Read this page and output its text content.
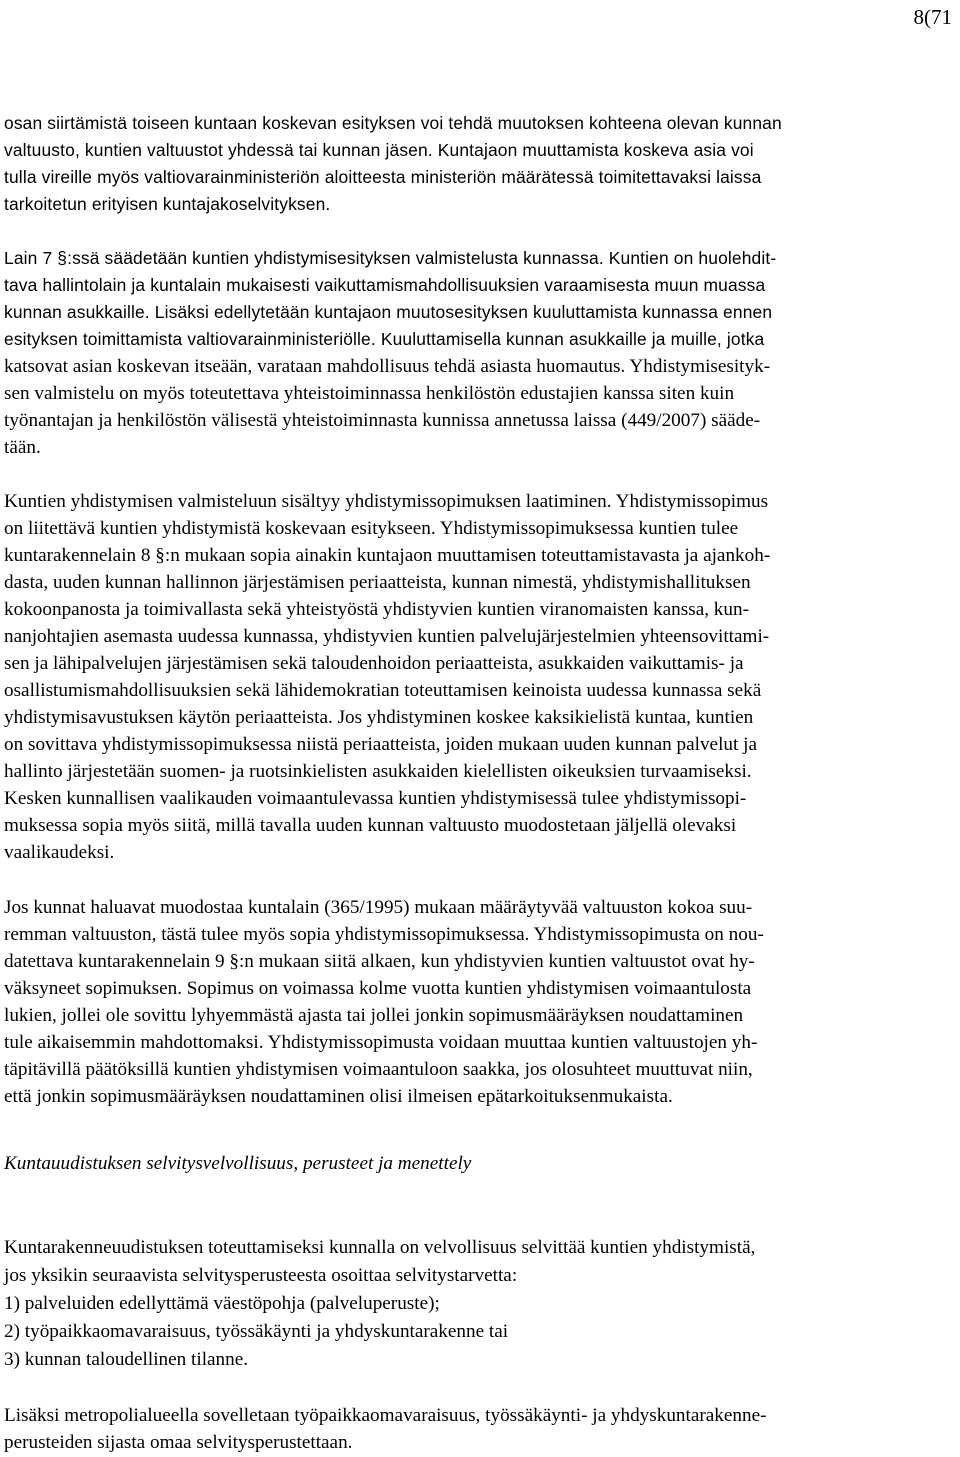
8(71
osan siirtämistä toiseen kuntaan koskevan esityksen voi tehdä muutoksen kohteena olevan kunnan
valtuusto, kuntien valtuustot yhdessä tai kunnan jäsen. Kuntajaon muuttamista koskeva asia voi
tulla vireille myös valtiovarainministeriön aloitteesta ministeriön määrätessä toimitettavaksi laissa
tarkoitetun erityisen kuntajakoselvityksen.
Lain 7 §:ssä säädetään kuntien yhdistymisesityksen valmistelusta kunnassa. Kuntien on huolehdit-
tava hallintolain ja kuntalain mukaisesti vaikuttamismahdollisuuksien varaamisesta muun muassa
kunnan asukkaille. Lisäksi edellytetään kuntajaon muutosesityksen kuuluttamista kunnassa ennen
esityksen toimittamista valtiovarainministeriölle. Kuuluttamisella kunnan asukkaille ja muille, jotka
katsovat asian koskevan itseään, varataan mahdollisuus tehdä asiasta huomautus. Yhdistymisesityk-
sen valmistelu on myös toteutettava yhteistoiminnassa henkilöstön edustajien kanssa siten kuin
työnantajan ja henkilöstön välisestä yhteistoiminnasta kunnissa annetussa laissa (449/2007) sääde-
tään.
Kuntien yhdistymisen valmisteluun sisältyy yhdistymissopimuksen laatiminen. Yhdistymissopimus
on liitettävä kuntien yhdistymistä koskevaan esitykseen. Yhdistymissopimuksessa kuntien tulee
kuntarakennelain 8 §:n mukaan sopia ainakin kuntajaon muuttamisen toteuttamistavasta ja ajankoh-
dasta, uuden kunnan hallinnon järjestämisen periaatteista, kunnan nimestä, yhdistymishallituksen
kokoonpanosta ja toimivallasta sekä yhteistyöstä yhdistyvien kuntien viranomaisten kanssa, kun-
nanjohtajien asemasta uudessa kunnassa, yhdistyvien kuntien palvelujärjestelmien yhteensovittami-
sen ja lähipalvelujen järjestämisen sekä taloudenhoidon periaatteista, asukkaiden vaikuttamis- ja
osallistumismahdollisuuksien sekä lähidemokratian toteuttamisen keinoista uudessa kunnassa sekä
yhdistymisavustuksen käytön periaatteista. Jos yhdistyminen koskee kaksikielistä kuntaa, kuntien
on sovittava yhdistymissopimuksessa niistä periaatteista, joiden mukaan uuden kunnan palvelut ja
hallinto järjestetään suomen- ja ruotsinkielisten asukkaiden kielellisten oikeuksien turvaamiseksi.
Kesken kunnallisen vaalikauden voimaantulevassa kuntien yhdistymisessä tulee yhdistymissopi-
muksessa sopia myös siitä, millä tavalla uuden kunnan valtuusto muodostetaan jäljellä olevaksi
vaalikaudeksi.
Jos kunnat haluavat muodostaa kuntalain (365/1995) mukaan määräytyvää valtuuston kokoa suu-
remman valtuuston, tästä tulee myös sopia yhdistymissopimuksessa. Yhdistymissopimusta on nou-
datettava kuntarakennelain 9 §:n mukaan siitä alkaen, kun yhdistyvien kuntien valtuustot ovat hy-
väksyneet sopimuksen. Sopimus on voimassa kolme vuotta kuntien yhdistymisen voimaantulosta
lukien, jollei ole sovittu lyhyemmästä ajasta tai jollei jonkin sopimusmääräyksen noudattaminen
tule aikaisemmin mahdottomaksi. Yhdistymissopimusta voidaan muuttaa kuntien valtuustojen yh-
täpitävillä päätöksillä kuntien yhdistymisen voimaantuloon saakka, jos olosuhteet muuttuvat niin,
että jonkin sopimusmääräyksen noudattaminen olisi ilmeisen epätarkoituksenmukaista.
Kuntauudistuksen selvitysvelvollisuus, perusteet ja menettely
Kuntarakenneuudistuksen toteuttamiseksi kunnalla on velvollisuus selvittää kuntien yhdistymistä,
jos yksikin seuraavista selvitysperusteesta osoittaa selvitystarvetta:
1) palveluiden edellyttämä väestöpohja (palveluperuste);
2) työpaikkaomavaraisuus, työssäkäynti ja yhdyskuntarakenne tai
3) kunnan taloudellinen tilanne.
Lisäksi metropolialueella sovelletaan työpaikkaomavaraisuus, työssäkäynti- ja yhdyskuntarakenne-
perusteiden sijasta omaa selvitysperustettaan.
